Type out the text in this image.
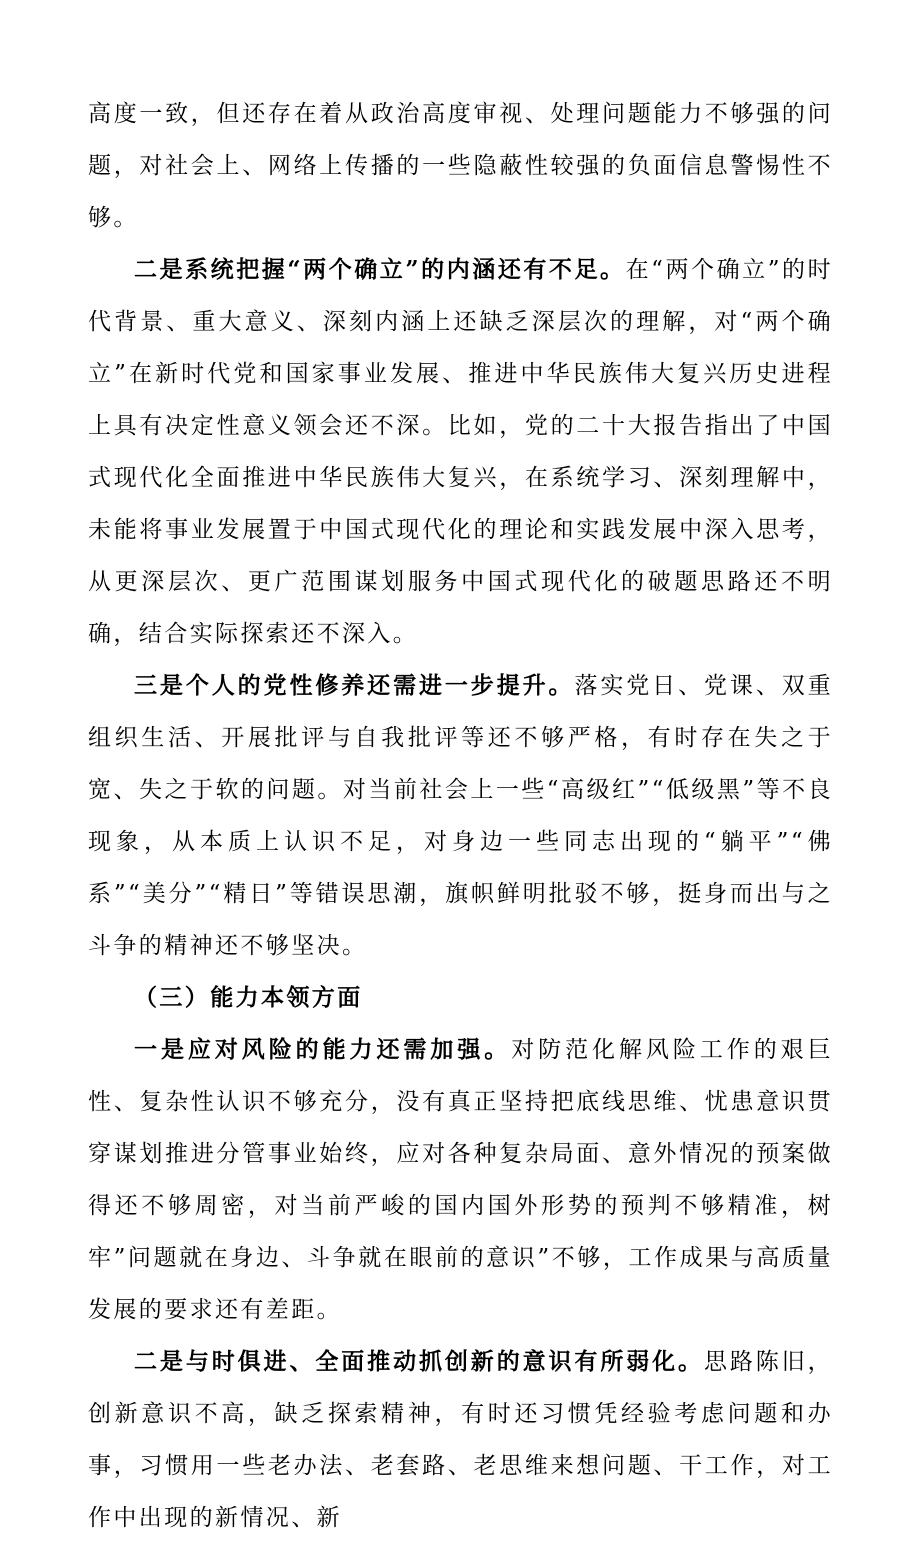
高度一致，但还存在着从政治高度审视、处理问题能力不够强的问题，对社会上、网络上传播的一些隐蔽性较强的负面信息警惕性不够。

二是系统把握“两个确立”的内涵还有不足。在“两个确立”的时代背景、重大意义、深刻内涵上还缺乏深层次的理解，对“两个确立”在新时代党和国家事业发展、推进中华民族伟大复兴历史进程上具有决定性意义领会还不深。比如，党的二十大报告指出了中国式现代化全面推进中华民族伟大复兴，在系统学习、深刻理解中，未能将事业发展置于中国式现代化的理论和实践发展中深入思考，从更深层次、更广范围谋划服务中国式现代化的破题思路还不明确，结合实际探索还不深入。

三是个人的党性修养还需进一步提升。落实党日、党课、双重组织生活、开展批评与自我批评等还不够严格，有时存在失之于宽、失之于软的问题。对当前社会上一些“高级红”“低级黑”等不良现象，从本质上认识不足，对身边一些同志出现的“躺平”“佛系”“美分”“精日”等错误思潮，旗帜鲜明批驳不够，挺身而出与之斗争的精神还不够坚决。

（三）能力本领方面

一是应对风险的能力还需加强。对防范化解风险工作的艰巨性、复杂性认识不够充分，没有真正坚持把底线思维、忧患意识贯穿谋划推进分管事业始终，应对各种复杂局面、意外情况的预案做得还不够周密，对当前严峻的国内国外形势的预判不够精准，树牢”问题就在身边、斗争就在眼前的意识”不够，工作成果与高质量发展的要求还有差距。

二是与时俱进、全面推动抓创新的意识有所弱化。思路陈旧，创新意识不高，缺乏探索精神，有时还习惯凭经验考虑问题和办事，习惯用一些老办法、老套路、老思维来想问题、干工作，对工作中出现的新情况、新
